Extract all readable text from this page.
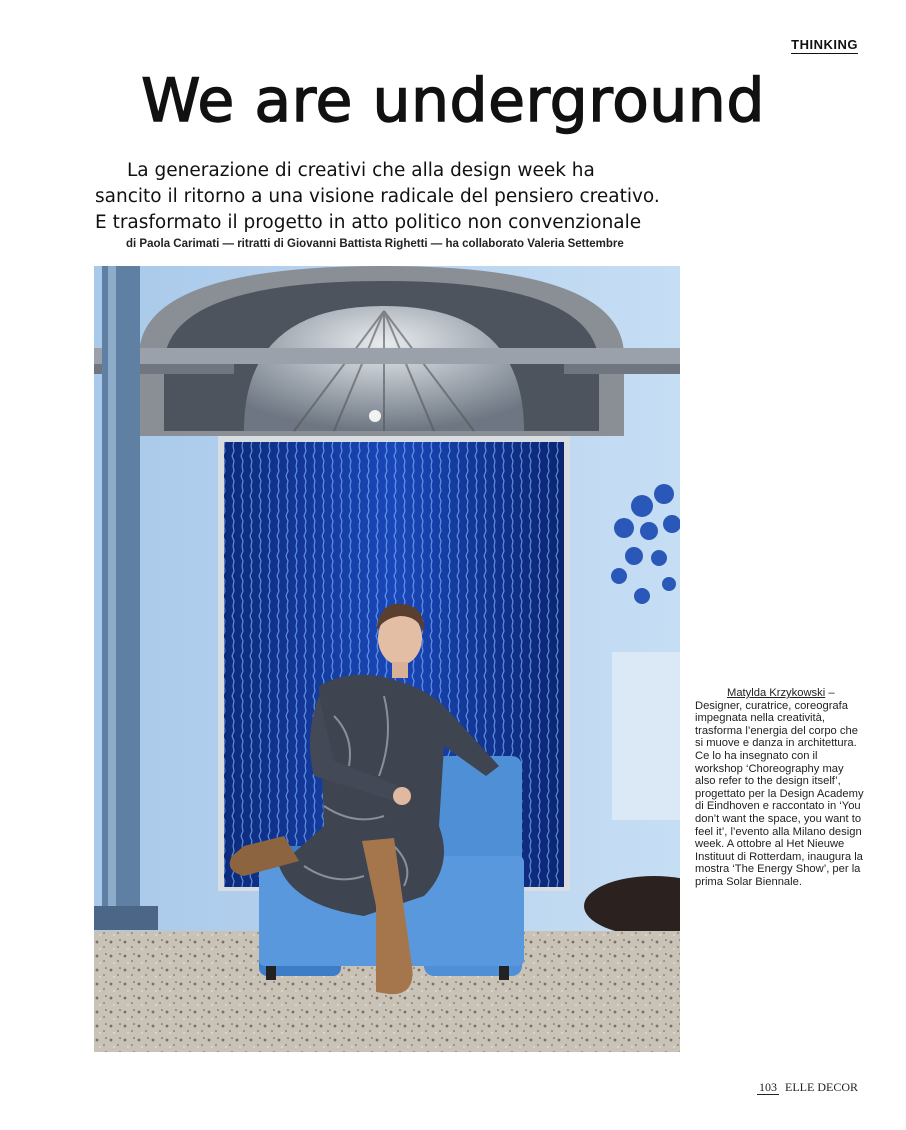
THINKING
We are underground

La generazione di creativi che alla design week ha
sancito il ritorno a una visione radicale del pensiero creativo.
E trasformato il progetto in atto politico non convenzionale

di Paola Carimati — ritratti di Giovanni Battista Righetti — ha collaborato Valeria Settembre

Matylda Krzykowski –

Designer, curatrice, coreografa impegnata nella creatività, trasforma l’energia del corpo che si muove e danza in architettura.

Ce lo ha insegnato con il workshop ‘Choreography may also refer to the design itself’, progettato per la Design Academy di Eindhoven e raccontato in ‘You don’t want the space, you want to feel it’, l’evento alla Milano design week. A ottobre al Het Nieuwe Instituut di Rotterdam, inaugura la mostra ‘The Energy Show’, per la prima Solar Biennale.

103 ELLE DECOR
